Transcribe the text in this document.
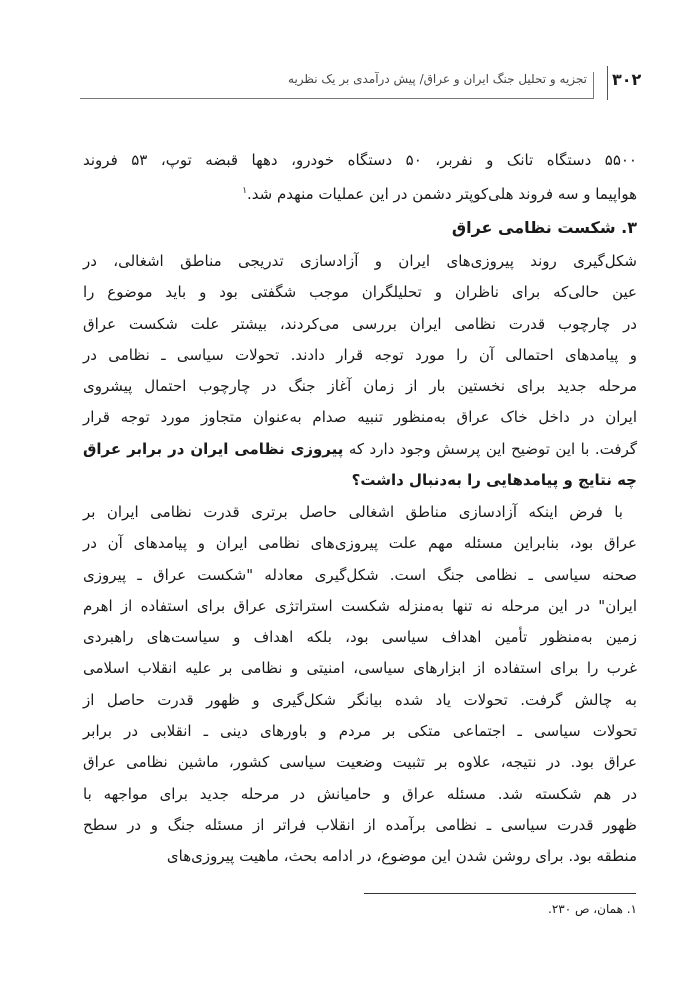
۳۰۲
تجزیه و تحلیل جنگ ایران و عراق/ پیش درآمدی بر یک نظریه
۵۵۰۰ دستگاه تانک و نفربر، ۵۰ دستگاه خودرو، دهها قبضه توپ، ۵۳ فروند
هواپیما و سه فروند هلی‌کوپتر دشمن در این عملیات منهدم شد.$^۱$
۳. شکست نظامی عراق
شکل‌گیری روند پیروزی‌های ایران و آزادسازی تدریجی مناطق اشغالی، در
عین حالی‌که برای ناظران و تحلیلگران موجب شگفتی بود و باید موضوع را
در چارچوب قدرت نظامی ایران بررسی می‌کردند، بیشتر علت شکست عراق
و پیامدهای احتمالی آن را مورد توجه قرار دادند. تحولات سیاسی ـ نظامی در
مرحله جدید برای نخستین بار از زمان آغاز جنگ در چارچوب احتمال پیشروی
ایران در داخل خاک عراق به‌منظور تنبیه صدام به‌عنوان متجاوز مورد توجه قرار
گرفت. با این توضیح این پرسش وجود دارد که پیروزی نظامی ایران در برابر عراق
چه نتایج و پیامدهایی را به‌دنبال داشت؟
با فرض اینکه آزادسازی مناطق اشغالی حاصل برتری قدرت نظامی ایران بر
عراق بود، بنابراین مسئله مهم علت پیروزی‌های نظامی ایران و پیامدهای آن در
صحنه سیاسی ـ نظامی جنگ است. شکل‌گیری معادله "شکست عراق ـ پیروزی
ایران" در این مرحله نه تنها به‌منزله شکست استراتژی عراق برای استفاده از اهرم
زمین به‌منظور تأمین اهداف سیاسی بود، بلکه اهداف و سیاست‌های راهبردی
غرب را برای استفاده از ابزارهای سیاسی، امنیتی و نظامی بر علیه انقلاب اسلامی
به چالش گرفت. تحولات یاد شده بیانگر شکل‌گیری و ظهور قدرت حاصل از
تحولات سیاسی ـ اجتماعی متکی بر مردم و باورهای دینی ـ انقلابی در برابر
عراق بود. در نتیجه، علاوه بر تثبیت وضعیت سیاسی کشور، ماشین نظامی عراق
در هم شکسته شد. مسئله عراق و حامیانش در مرحله جدید برای مواجهه با
ظهور قدرت سیاسی ـ نظامی برآمده از انقلاب فراتر از مسئله جنگ و در سطح
منطقه بود. برای روشن شدن این موضوع، در ادامه بحث، ماهیت پیروزی‌های
۱. همان، ص ۲۳۰.
